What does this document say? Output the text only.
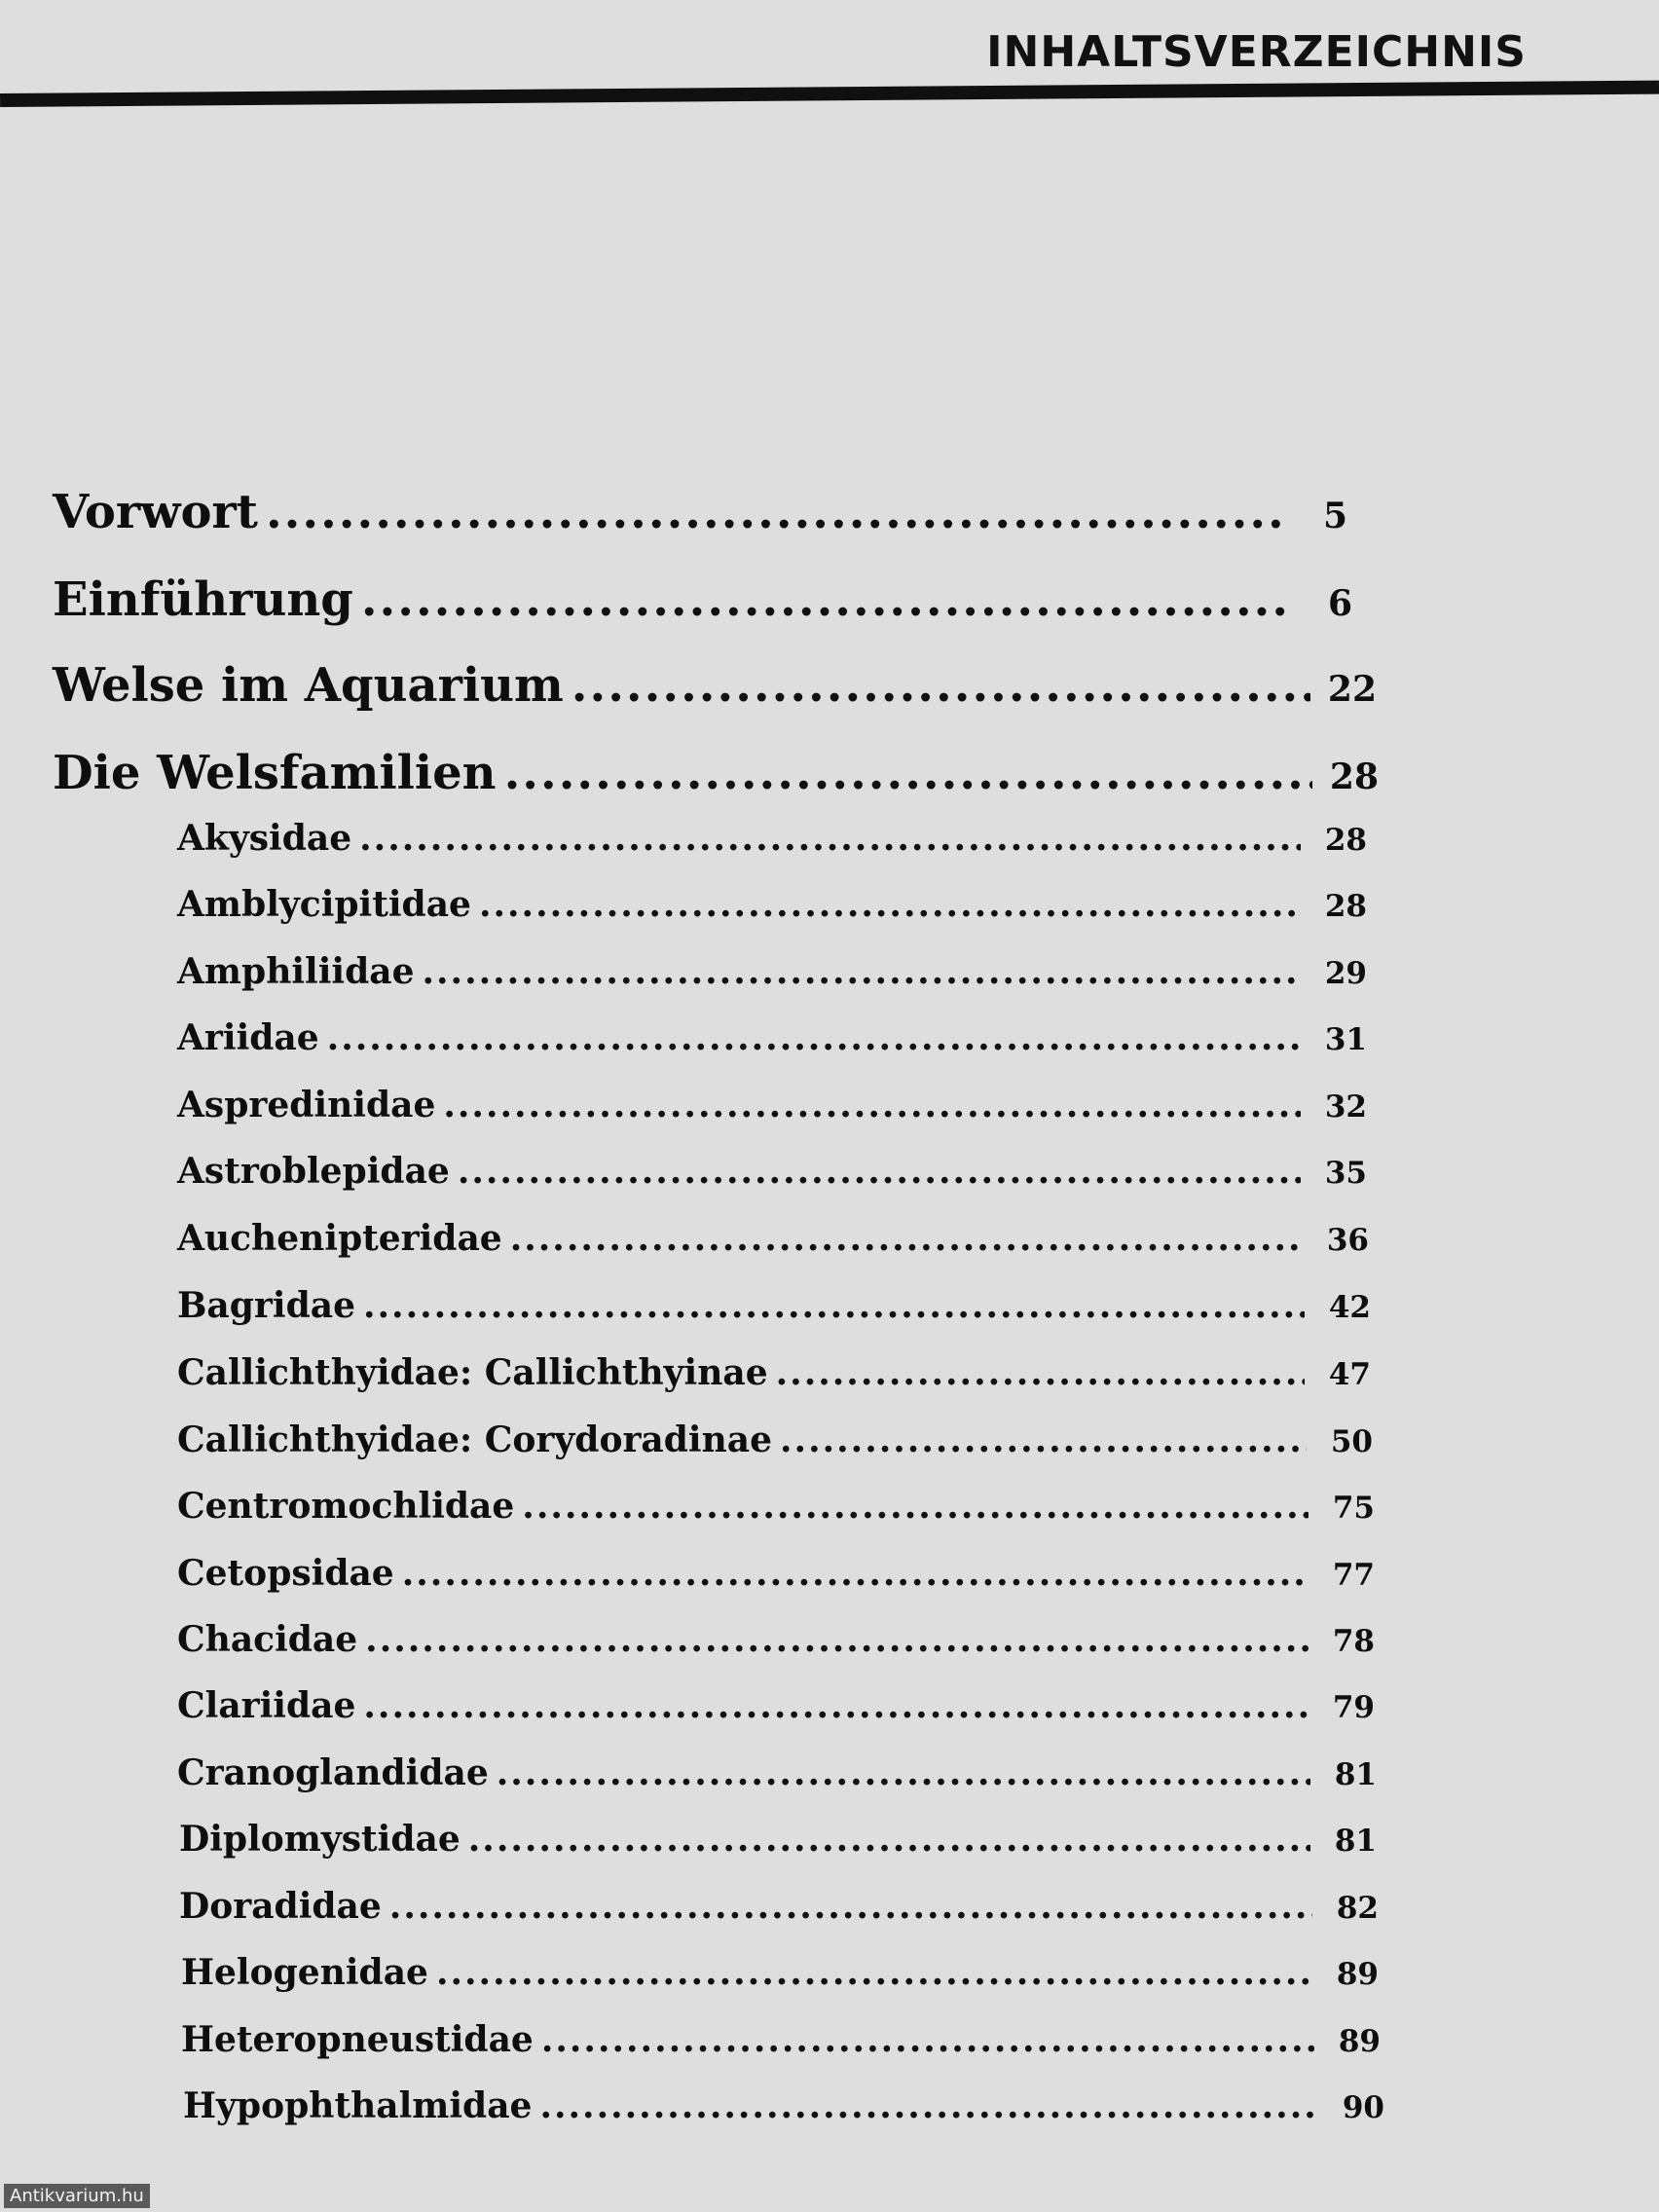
INHALTSVERZEICHNIS
Vorwort .....	5
Einführung .....	6
Welse im Aquarium .....	22
Die Welsfamilien .....	28
Akysidae .....	28
Amblycipitidae .....	28
Amphiliidae .....	29
Ariidae .....	31
Aspredinidae .....	32
Astroblepidae .....	35
Auchenipteridae .....	36
Bagridae .....	42
Callichthyidae: Callichthyinae .....	47
Callichthyidae: Corydoradinae .....	50
Centromochlidae .....	75
Cetopsidae .....	77
Chacidae .....	78
Clariidae .....	79
Cranoglandidae .....	81
Diplomystidae .....	81
Doradidae .....	82
Helogenidae .....	89
Heteropneustidae .....	89
Hypophthalmidae .....	90
Antikvarium.hu
